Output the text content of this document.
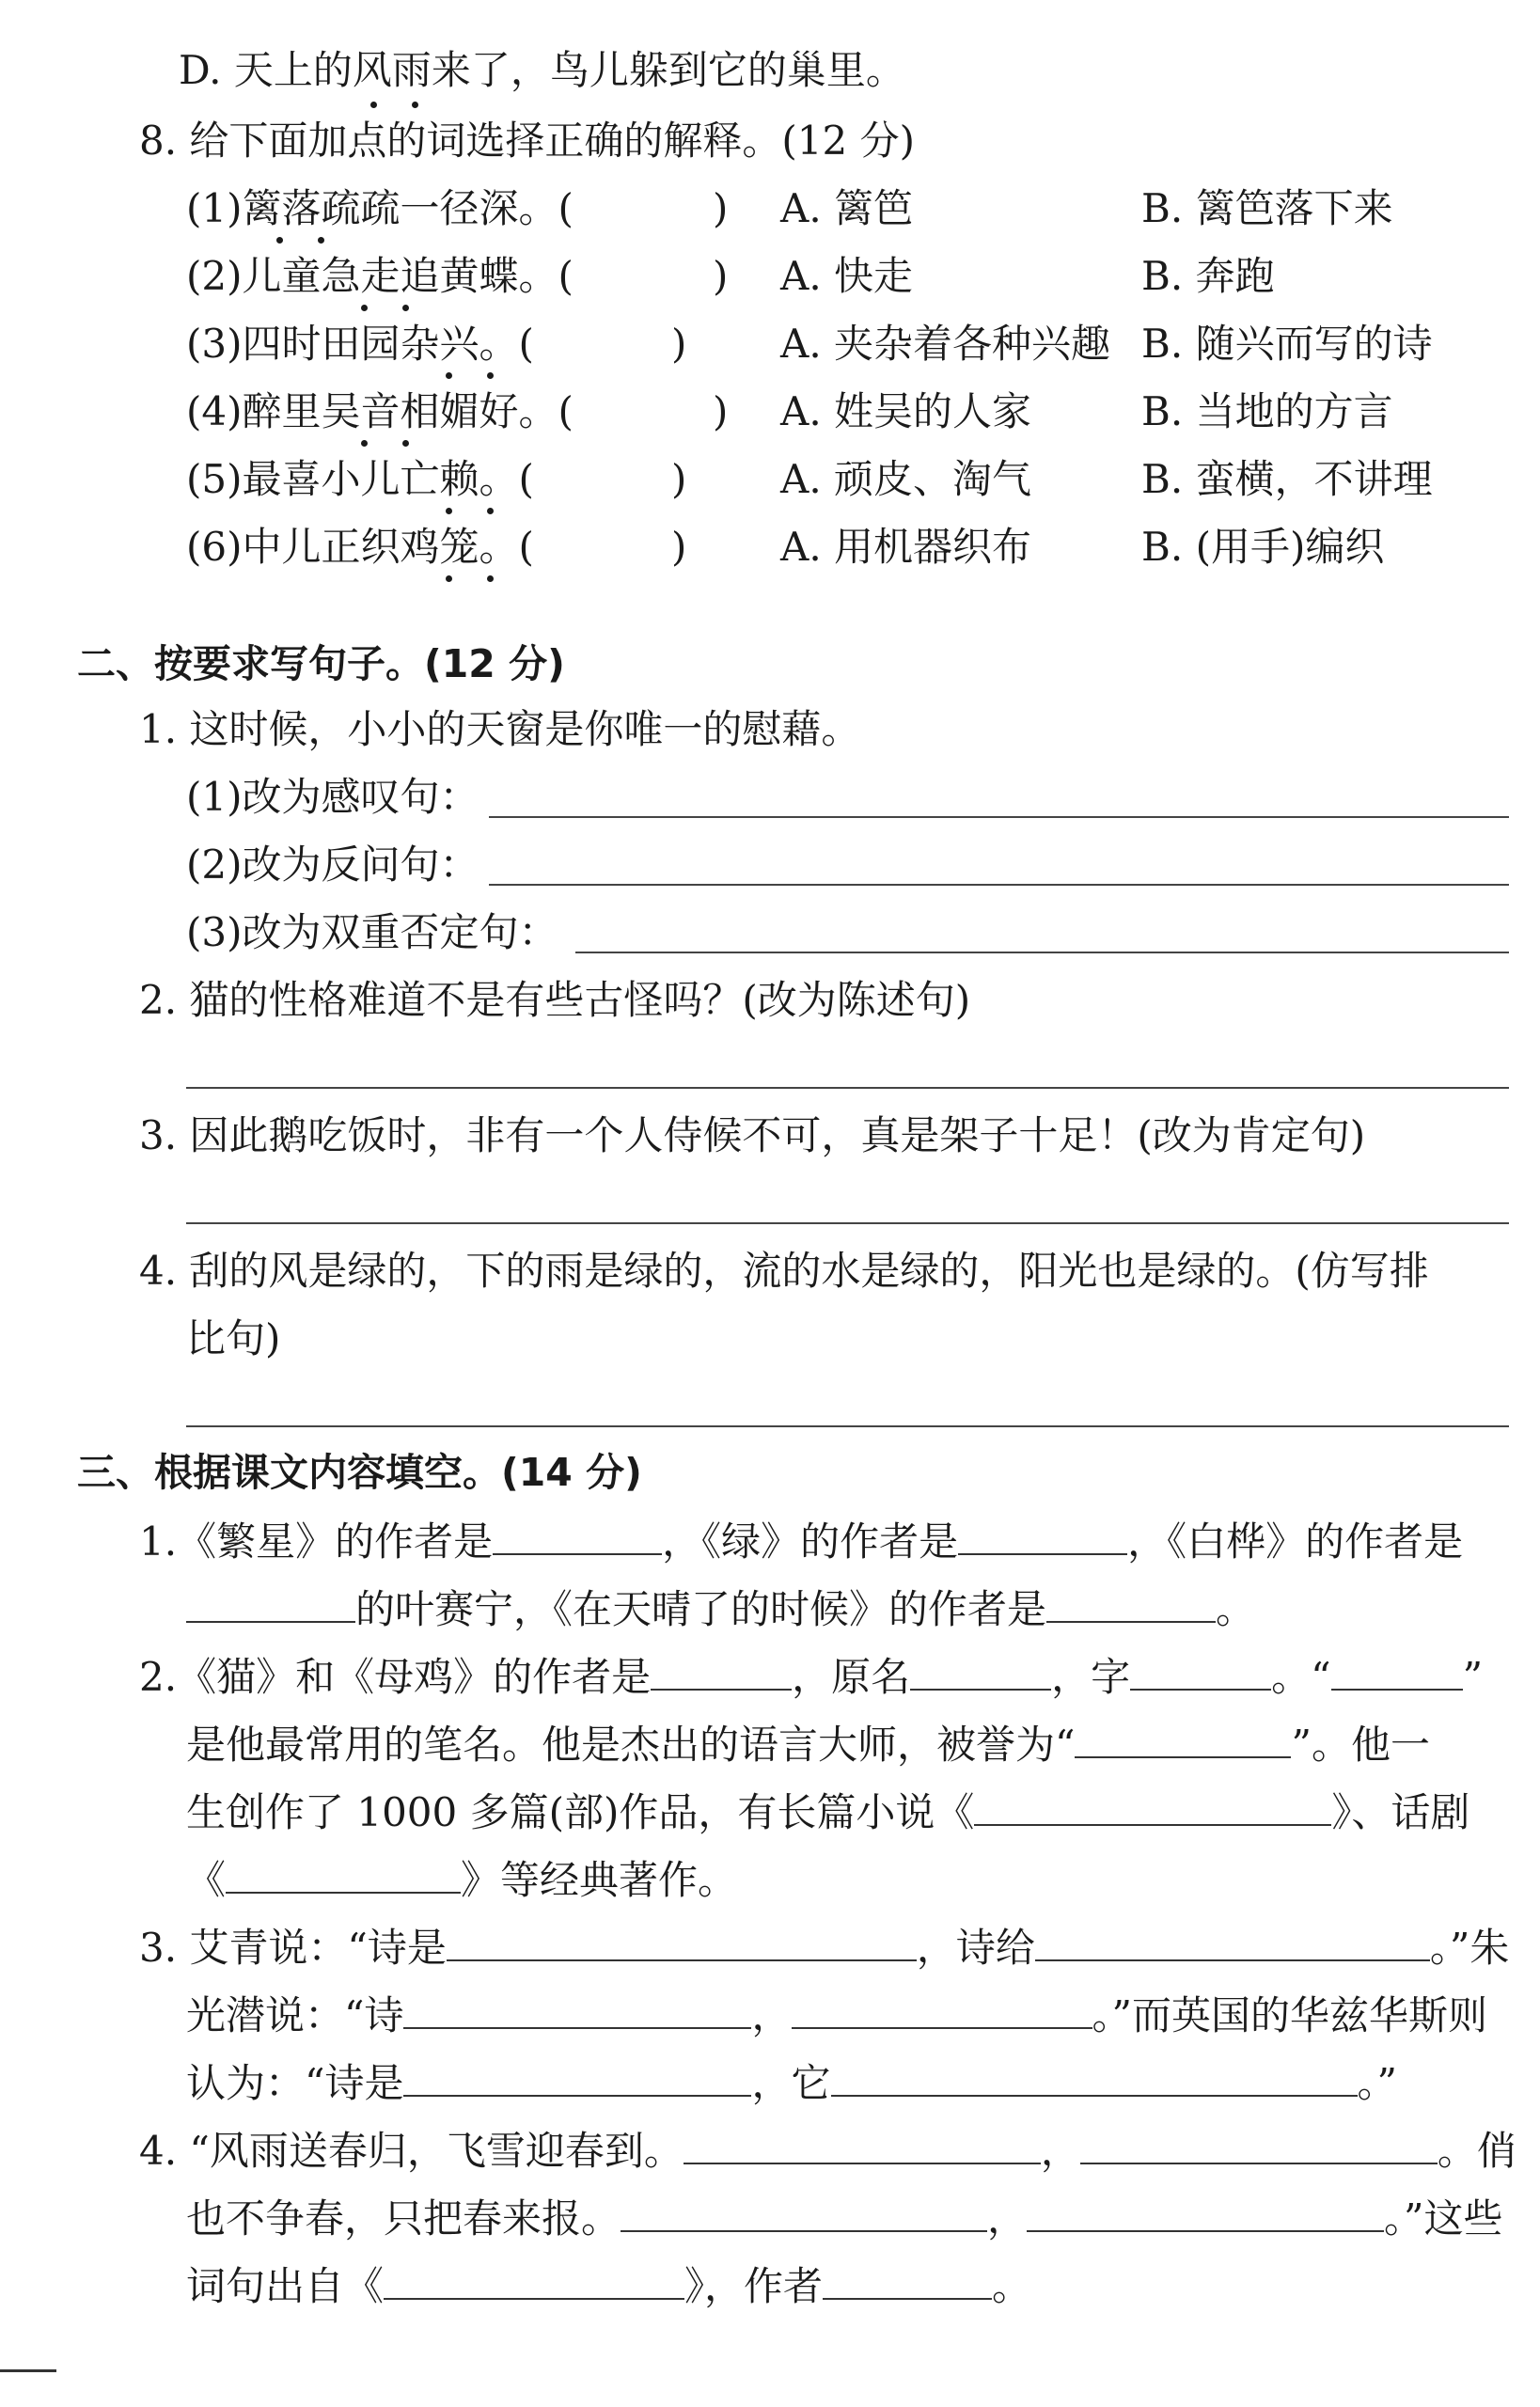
D. 天上的风雨来了，鸟儿躲到它的巢里。
8. 给下面加点的词选择正确的解释。(12 分)
(1)篱落疏疏一径深。(	) A. 篱笆	B. 篱笆落下来
(2)儿童急走追黄蝶。(	) A. 快走	B. 奔跑
(3)四时田园杂兴。(	) A. 夹杂着各种兴趣 B. 随兴而写的诗
(4)醉里吴音相媚好。(	) A. 姓吴的人家	B. 当地的方言
(5)最喜小儿亡赖。(	) A. 顽皮、淘气	B. 蛮横，不讲理
(6)中儿正织鸡笼。(	) A. 用机器织布	B. (用手)编织
二、按要求写句子。(12 分)
1. 这时候，小小的天窗是你唯一的慰藉。
(1)改为感叹句：
(2)改为反问句：
(3)改为双重否定句：
2. 猫的性格难道不是有些古怪吗？(改为陈述句)
3. 因此鹅吃饭时，非有一个人侍候不可，真是架子十足！(改为肯定句)
4. 刮的风是绿的，下的雨是绿的，流的水是绿的，阳光也是绿的。(仿写排
比句)
三、根据课文内容填空。(14 分)
1.《繁星》的作者是	，《绿》的作者是	，《白桦》的作者是
的叶赛宁，《在天晴了的时候》的作者是	。
2.《猫》和《母鸡》的作者是	，原名	，字	。“	”
是他最常用的笔名。他是杰出的语言大师，被誉为“	”。他一
生创作了 1000 多篇(部)作品，有长篇小说《	》、话剧
《	》等经典著作。
3. 艾青说：“诗是	，诗给	。”朱
光潜说：“诗	，	。”而英国的华兹华斯则
认为：“诗是	，它	。”
4. “风雨送春归，飞雪迎春到。	，	。俏
也不争春，只把春来报。	，	。”这些
词句出自《	》，作者	。
